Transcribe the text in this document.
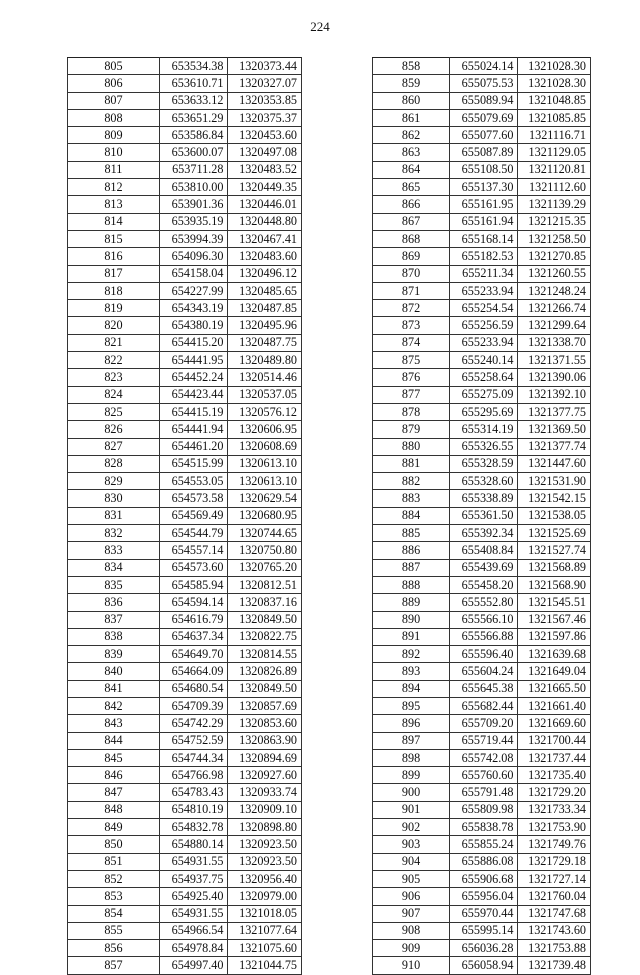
224
805	653534.38	1320373.44
806	653610.71	1320327.07
807	653633.12	1320353.85
808	653651.29	1320375.37
809	653586.84	1320453.60
810	653600.07	1320497.08
811	653711.28	1320483.52
812	653810.00	1320449.35
813	653901.36	1320446.01
814	653935.19	1320448.80
815	653994.39	1320467.41
816	654096.30	1320483.60
817	654158.04	1320496.12
818	654227.99	1320485.65
819	654343.19	1320487.85
820	654380.19	1320495.96
821	654415.20	1320487.75
822	654441.95	1320489.80
823	654452.24	1320514.46
824	654423.44	1320537.05
825	654415.19	1320576.12
826	654441.94	1320606.95
827	654461.20	1320608.69
828	654515.99	1320613.10
829	654553.05	1320613.10
830	654573.58	1320629.54
831	654569.49	1320680.95
832	654544.79	1320744.65
833	654557.14	1320750.80
834	654573.60	1320765.20
835	654585.94	1320812.51
836	654594.14	1320837.16
837	654616.79	1320849.50
838	654637.34	1320822.75
839	654649.70	1320814.55
840	654664.09	1320826.89
841	654680.54	1320849.50
842	654709.39	1320857.69
843	654742.29	1320853.60
844	654752.59	1320863.90
845	654744.34	1320894.69
846	654766.98	1320927.60
847	654783.43	1320933.74
848	654810.19	1320909.10
849	654832.78	1320898.80
850	654880.14	1320923.50
851	654931.55	1320923.50
852	654937.75	1320956.40
853	654925.40	1320979.00
854	654931.55	1321018.05
855	654966.54	1321077.64
856	654978.84	1321075.60
857	654997.40	1321044.75
858	655024.14	1321028.30
859	655075.53	1321028.30
860	655089.94	1321048.85
861	655079.69	1321085.85
862	655077.60	1321116.71
863	655087.89	1321129.05
864	655108.50	1321120.81
865	655137.30	1321112.60
866	655161.95	1321139.29
867	655161.94	1321215.35
868	655168.14	1321258.50
869	655182.53	1321270.85
870	655211.34	1321260.55
871	655233.94	1321248.24
872	655254.54	1321266.74
873	655256.59	1321299.64
874	655233.94	1321338.70
875	655240.14	1321371.55
876	655258.64	1321390.06
877	655275.09	1321392.10
878	655295.69	1321377.75
879	655314.19	1321369.50
880	655326.55	1321377.74
881	655328.59	1321447.60
882	655328.60	1321531.90
883	655338.89	1321542.15
884	655361.50	1321538.05
885	655392.34	1321525.69
886	655408.84	1321527.74
887	655439.69	1321568.89
888	655458.20	1321568.90
889	655552.80	1321545.51
890	655566.10	1321567.46
891	655566.88	1321597.86
892	655596.40	1321639.68
893	655604.24	1321649.04
894	655645.38	1321665.50
895	655682.44	1321661.40
896	655709.20	1321669.60
897	655719.44	1321700.44
898	655742.08	1321737.44
899	655760.60	1321735.40
900	655791.48	1321729.20
901	655809.98	1321733.34
902	655838.78	1321753.90
903	655855.24	1321749.76
904	655886.08	1321729.18
905	655906.68	1321727.14
906	655956.04	1321760.04
907	655970.44	1321747.68
908	655995.14	1321743.60
909	656036.28	1321753.88
910	656058.94	1321739.48
